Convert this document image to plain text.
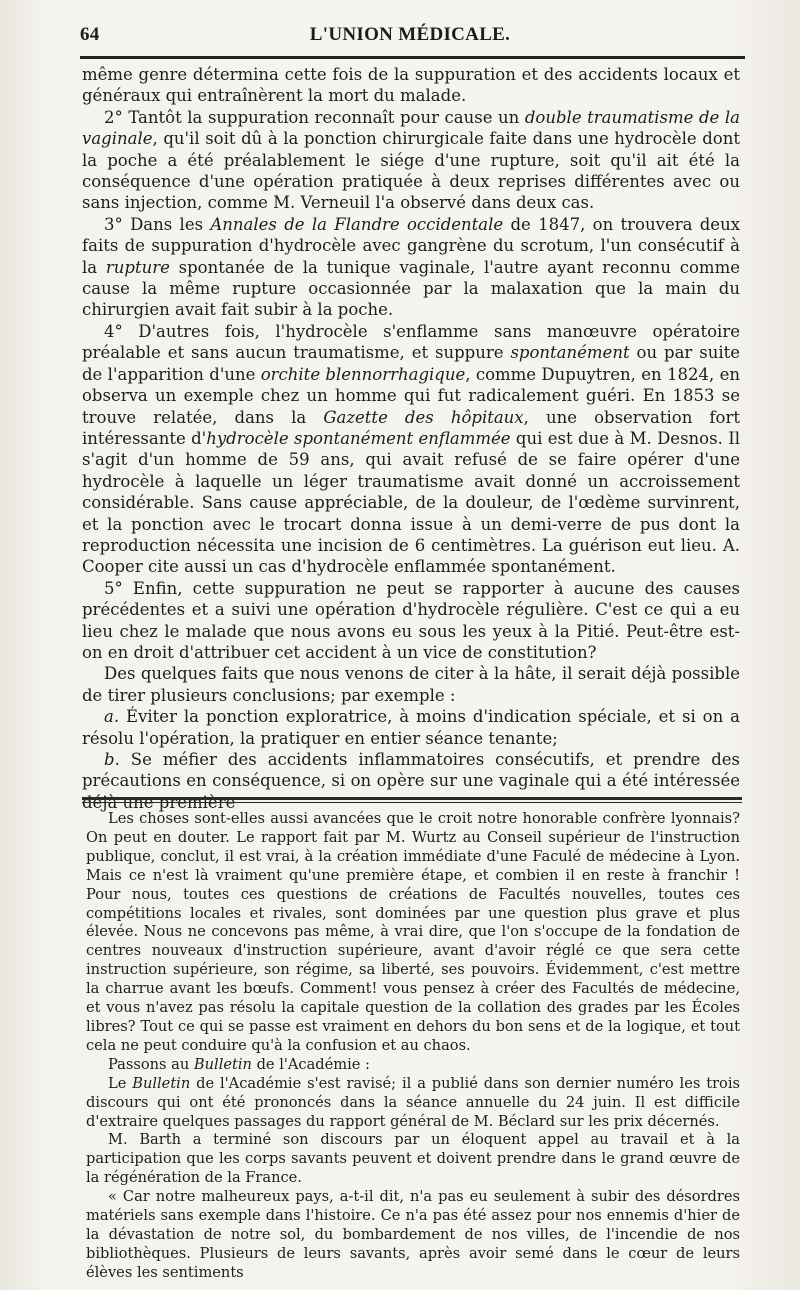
64	L'UNION MÉDICALE.

même genre détermina cette fois de la suppuration et des accidents locaux et généraux qui entraînèrent la mort du malade.

2° Tantôt la suppuration reconnaît pour cause un double traumatisme de la vaginale, qu'il soit dû à la ponction chirurgicale faite dans une hydrocèle dont la poche a été préalablement le siége d'une rupture, soit qu'il ait été la conséquence d'une opération pratiquée à deux reprises différentes avec ou sans injection, comme M. Verneuil l'a observé dans deux cas.

3° Dans les Annales de la Flandre occidentale de 1847, on trouvera deux faits de suppuration d'hydrocèle avec gangrène du scrotum, l'un consécutif à la rupture spontanée de la tunique vaginale, l'autre ayant reconnu comme cause la même rupture occasionnée par la malaxation que la main du chirurgien avait fait subir à la poche.

4° D'autres fois, l'hydrocèle s'enflamme sans manœuvre opératoire préalable et sans aucun traumatisme, et suppure spontanément ou par suite de l'apparition d'une orchite blennorrhagique, comme Dupuytren, en 1824, en observa un exemple chez un homme qui fut radicalement guéri. En 1853 se trouve relatée, dans la Gazette des hôpitaux, une observation fort intéressante d'hydrocèle spontanément enflammée qui est due à M. Desnos. Il s'agit d'un homme de 59 ans, qui avait refusé de se faire opérer d'une hydrocèle à laquelle un léger traumatisme avait donné un accroissement considérable. Sans cause appréciable, de la douleur, de l'œdème survinrent, et la ponction avec le trocart donna issue à un demi-verre de pus dont la reproduction nécessita une incision de 6 centimètres. La guérison eut lieu. A. Cooper cite aussi un cas d'hydrocèle enflammée spontanément.

5° Enfin, cette suppuration ne peut se rapporter à aucune des causes précédentes et a suivi une opération d'hydrocèle régulière. C'est ce qui a eu lieu chez le malade que nous avons eu sous les yeux à la Pitié. Peut-être est-on en droit d'attribuer cet accident à un vice de constitution?

Des quelques faits que nous venons de citer à la hâte, il serait déjà possible de tirer plusieurs conclusions; par exemple :

a. Éviter la ponction exploratrice, à moins d'indication spéciale, et si on a résolu l'opération, la pratiquer en entier séance tenante;

b. Se méfier des accidents inflammatoires consécutifs, et prendre des précautions en conséquence, si on opère sur une vaginale qui a été intéressée déjà une première

Les choses sont-elles aussi avancées que le croit notre honorable confrère lyonnais? On peut en douter. Le rapport fait par M. Wurtz au Conseil supérieur de l'instruction publique, conclut, il est vrai, à la création immédiate d'une Faculé de médecine à Lyon. Mais ce n'est là vraiment qu'une première étape, et combien il en reste à franchir ! Pour nous, toutes ces questions de créations de Facultés nouvelles, toutes ces compétitions locales et rivales, sont dominées par une question plus grave et plus élevée. Nous ne concevons pas même, à vrai dire, que l'on s'occupe de la fondation de centres nouveaux d'instruction supérieure, avant d'avoir réglé ce que sera cette instruction supérieure, son régime, sa liberté, ses pouvoirs. Évidemment, c'est mettre la charrue avant les bœufs. Comment! vous pensez à créer des Facultés de médecine, et vous n'avez pas résolu la capitale question de la collation des grades par les Écoles libres? Tout ce qui se passe est vraiment en dehors du bon sens et de la logique, et tout cela ne peut conduire qu'à la confusion et au chaos.

Passons au Bulletin de l'Académie :

Le Bulletin de l'Académie s'est ravisé; il a publié dans son dernier numéro les trois discours qui ont été prononcés dans la séance annuelle du 24 juin. Il est difficile d'extraire quelques passages du rapport général de M. Béclard sur les prix décernés.

M. Barth a terminé son discours par un éloquent appel au travail et à la participation que les corps savants peuvent et doivent prendre dans le grand œuvre de la régénération de la France.

« Car notre malheureux pays, a-t-il dit, n'a pas eu seulement à subir des désordres matériels sans exemple dans l'histoire. Ce n'a pas été assez pour nos ennemis d'hier de la dévastation de notre sol, du bombardement de nos villes, de l'incendie de nos bibliothèques. Plusieurs de leurs savants, après avoir semé dans le cœur de leurs élèves les sentiments
